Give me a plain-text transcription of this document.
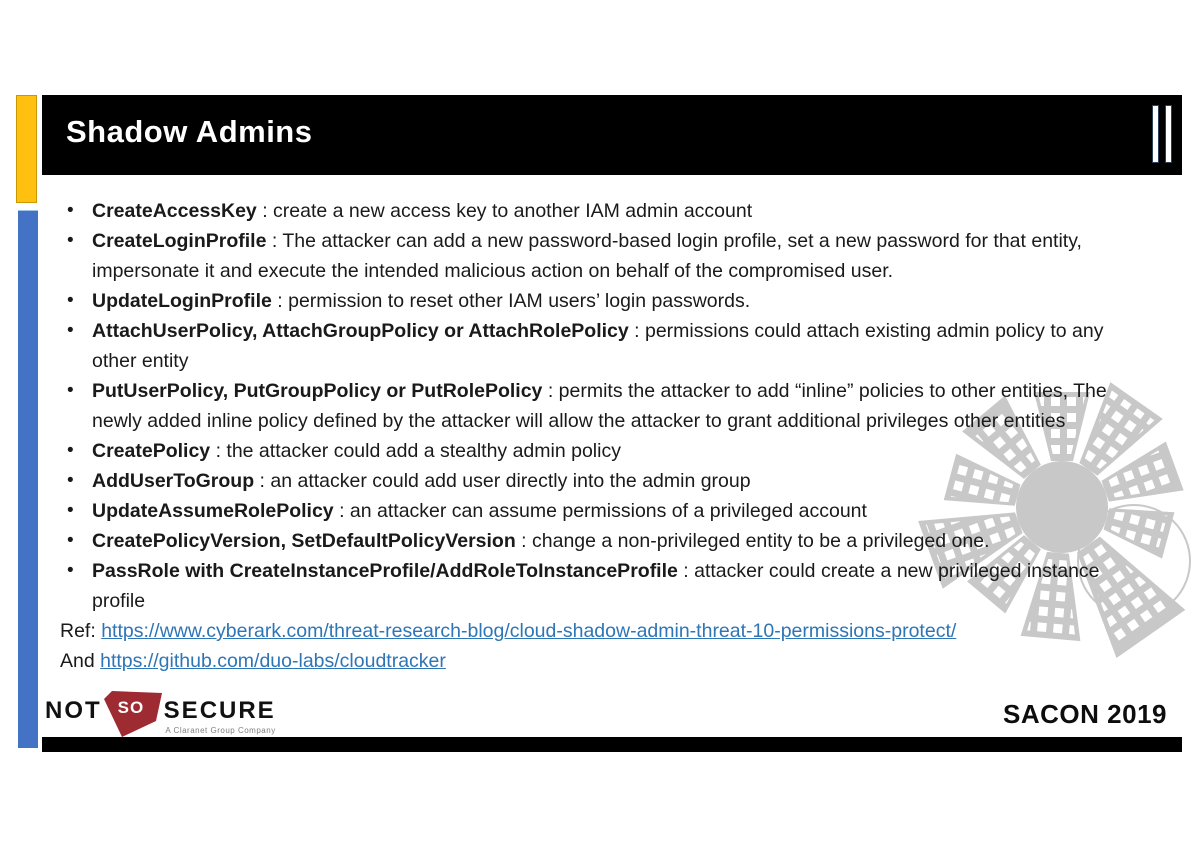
Shadow Admins
• CreateAccessKey : create a new access key to another IAM admin account
• CreateLoginProfile : The attacker can add a new password-based login profile, set a new password for that entity, impersonate it and execute the intended malicious action on behalf of the compromised user.
• UpdateLoginProfile : permission to reset other IAM users’ login passwords.
• AttachUserPolicy, AttachGroupPolicy or AttachRolePolicy : permissions could attach existing admin policy to any other entity
• PutUserPolicy, PutGroupPolicy or PutRolePolicy : permits the attacker to add “inline” policies to other entities, The newly added inline policy defined by the attacker will allow the attacker to grant additional privileges other entities
• CreatePolicy : the attacker could add a stealthy admin policy
• AddUserToGroup : an attacker could add user directly into the admin group
• UpdateAssumeRolePolicy : an attacker can assume permissions of a privileged account
• CreatePolicyVersion, SetDefaultPolicyVersion : change a non-privileged entity to be a privileged one.
• PassRole with CreateInstanceProfile/AddRoleToInstanceProfile : attacker could create a new privileged instance profile
Ref: https://www.cyberark.com/threat-research-blog/cloud-shadow-admin-threat-10-permissions-protect/
And https://github.com/duo-labs/cloudtracker
NOT SO SECURE
A Claranet Group Company
SACON 2019
